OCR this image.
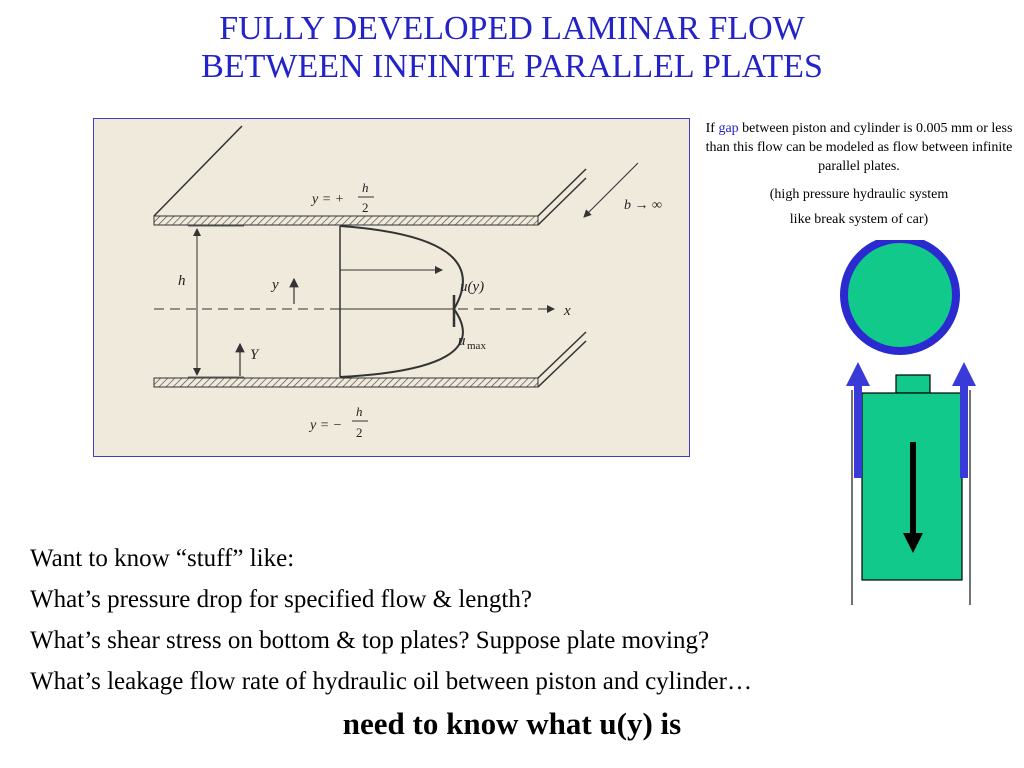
FULLY DEVELOPED LAMINAR FLOW
BETWEEN INFINITE PARALLEL PLATES
y = +
h
2
y = −
h
2
h	y
Y
u(y)
u max
x
b → ∞
If gap between piston and cylinder is 0.005 mm or less than this flow can be modeled as flow between infinite parallel plates.
(high pressure hydraulic system
like break system of car)
Want to know “stuff” like:
What’s pressure drop for specified flow & length?
What’s shear stress on bottom & top plates? Suppose plate moving?
What’s leakage flow rate of hydraulic oil between piston and cylinder…
need to know what u(y) is
